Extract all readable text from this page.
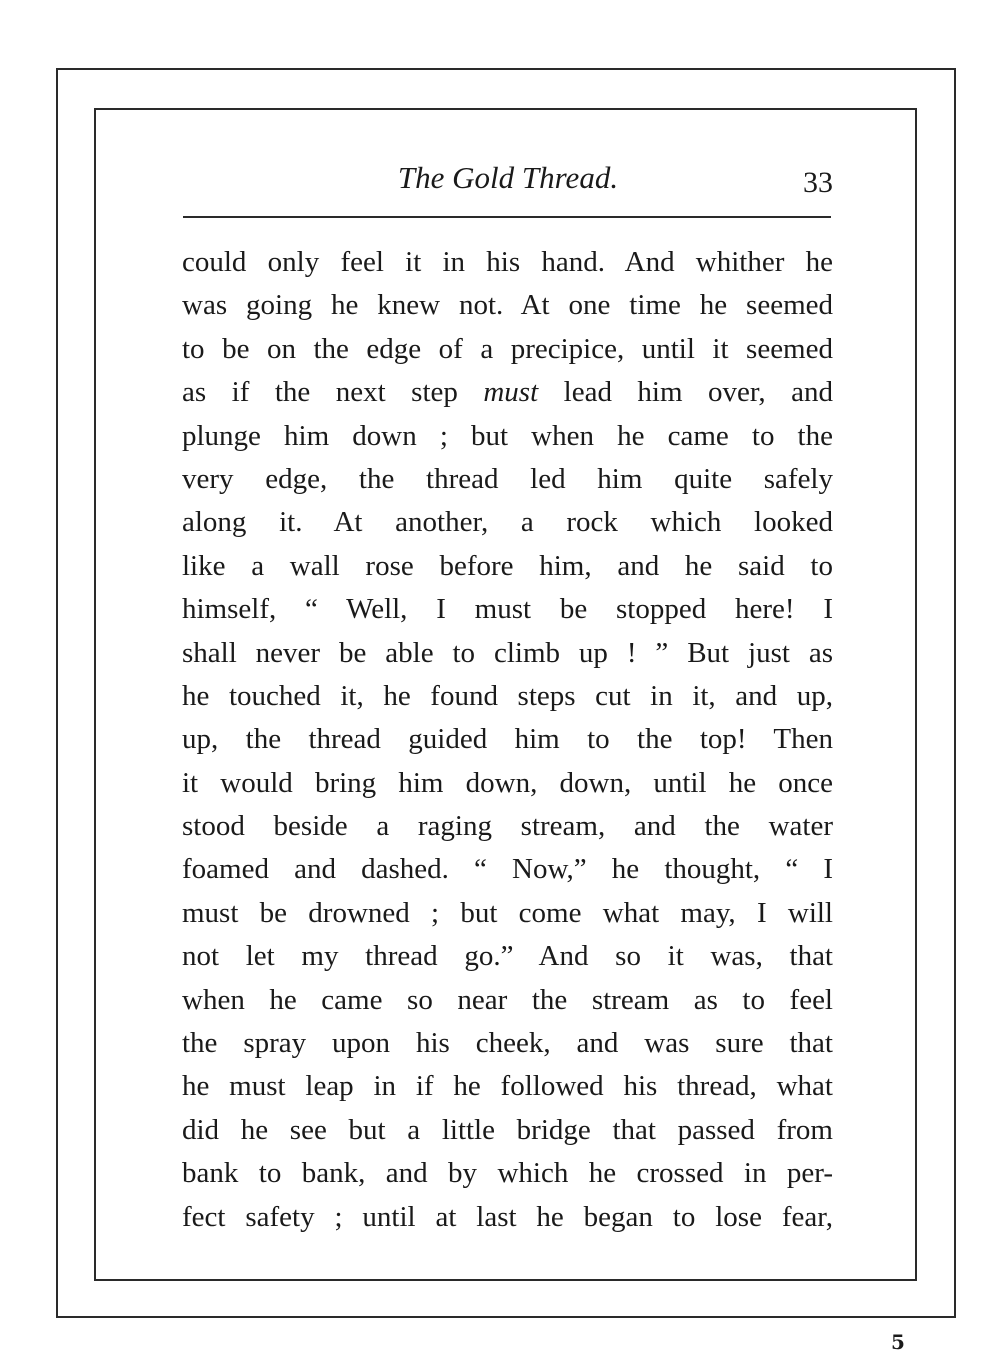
The Gold Thread.	33
could only feel it in his hand. And whither he
was going he knew not. At one time he seemed
to be on the edge of a precipice, until it seemed
as if the next step must lead him over, and
plunge him down ; but when he came to the
very edge, the thread led him quite safely
along it. At another, a rock which looked
like a wall rose before him, and he said to
himself, “ Well, I must be stopped here! I
shall never be able to climb up ! ” But just as
he touched it, he found steps cut in it, and up,
up, the thread guided him to the top! Then
it would bring him down, down, until he once
stood beside a raging stream, and the water
foamed and dashed. “ Now,” he thought, “ I
must be drowned ; but come what may, I will
not let my thread go.” And so it was, that
when he came so near the stream as to feel
the spray upon his cheek, and was sure that
he must leap in if he followed his thread, what
did he see but a little bridge that passed from
bank to bank, and by which he crossed in per-
fect safety ; until at last he began to lose fear,
5
